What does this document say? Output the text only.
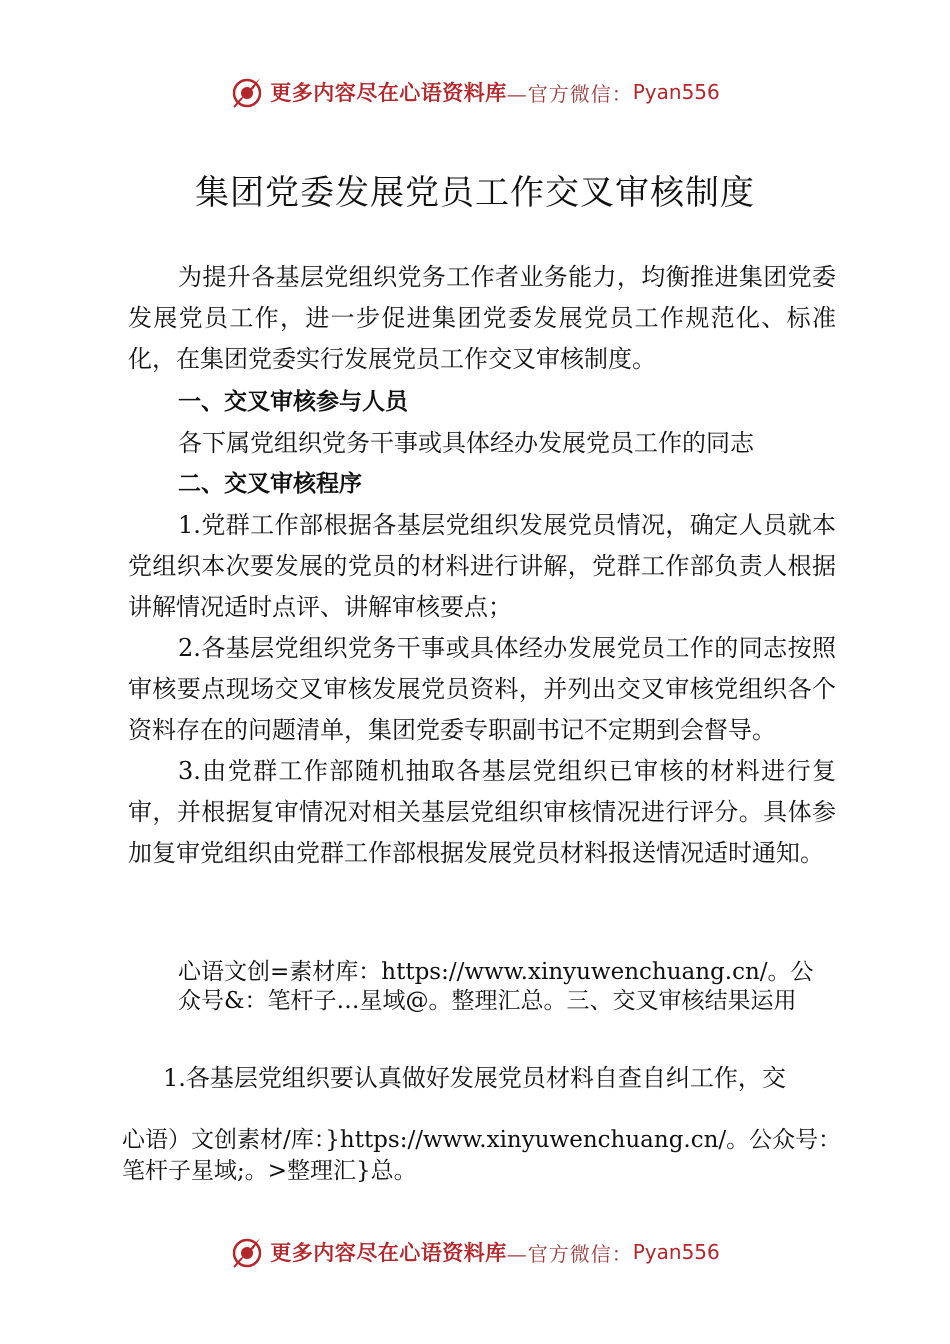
更多内容尽在心语资料库 —官方微信： Pyan556
集团党委发展党员工作交叉审核制度

为提升各基层党组织党务工作者业务能力，均衡推进集团党委发展党员工作，进一步促进集团党委发展党员工作规范化、标准化，在集团党委实行发展党员工作交叉审核制度。

一、交叉审核参与人员

各下属党组织党务干事或具体经办发展党员工作的同志

二、交叉审核程序

1.党群工作部根据各基层党组织发展党员情况，确定人员就本党组织本次要发展的党员的材料进行讲解，党群工作部负责人根据讲解情况适时点评、讲解审核要点；

2.各基层党组织党务干事或具体经办发展党员工作的同志按照审核要点现场交叉审核发展党员资料，并列出交叉审核党组织各个资料存在的问题清单，集团党委专职副书记不定期到会督导。

3.由党群工作部随机抽取各基层党组织已审核的材料进行复审，并根据复审情况对相关基层党组织审核情况进行评分。具体参加复审党组织由党群工作部根据发展党员材料报送情况适时通知。

心语文创=素材库：https://www.xinyuwenchuang.cn/。公众号&：笔杆子…星域@。整理汇总。三、交叉审核结果运用
1.各基层党组织要认真做好发展党员材料自查自纠工作，交
心语）文创素材/库：}https://www.xinyuwenchuang.cn/。公众号：笔杆子星域;。>整理汇}总。
更多内容尽在心语资料库 —官方微信： Pyan556
